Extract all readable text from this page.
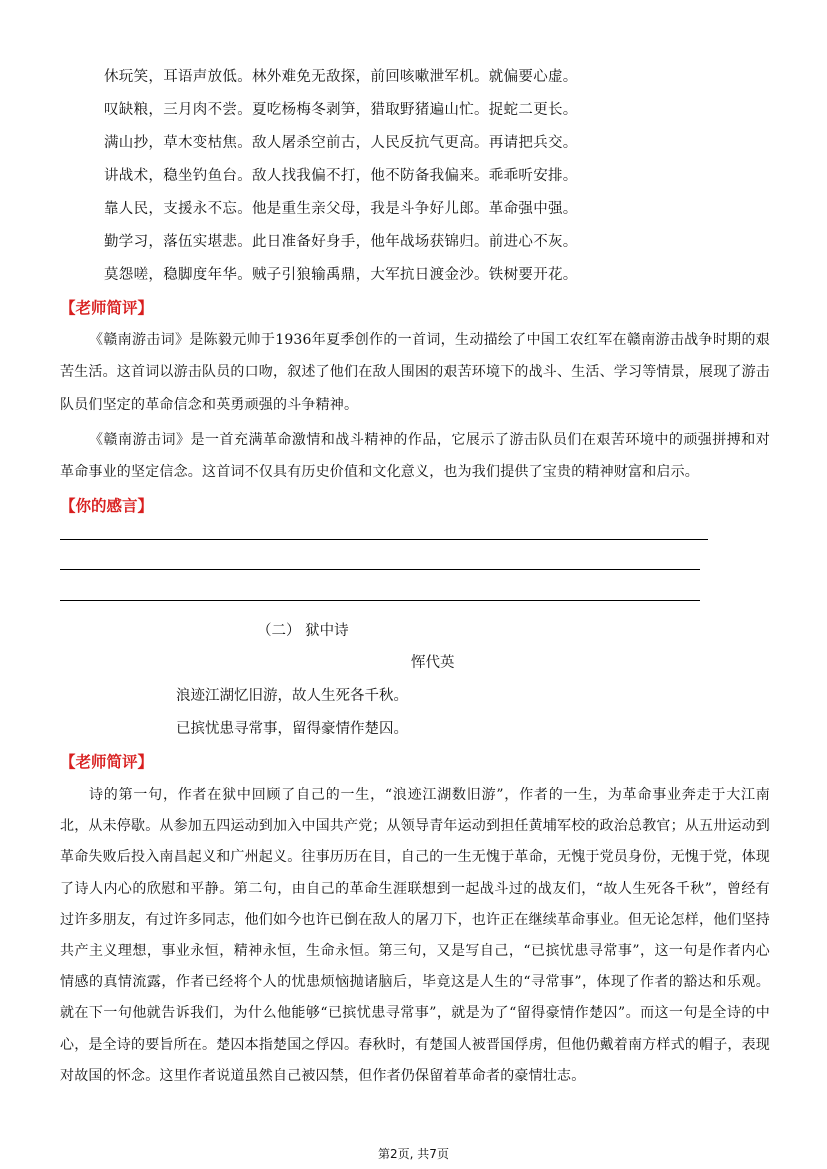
休玩笑，耳语声放低。林外难免无敌探，前回咳嗽泄军机。就偏要心虚。
叹缺粮，三月肉不尝。夏吃杨梅冬剥笋，猎取野猪遍山忙。捉蛇二更长。
满山抄，草木变枯焦。敌人屠杀空前古，人民反抗气更高。再请把兵交。
讲战术，稳坐钓鱼台。敌人找我偏不打，他不防备我偏来。乖乖听安排。
靠人民，支援永不忘。他是重生亲父母，我是斗争好儿郎。革命强中强。
勤学习，落伍实堪悲。此日准备好身手，他年战场获锦归。前进心不灰。
莫怨嗟，稳脚度年华。贼子引狼输禹鼎，大军抗日渡金沙。铁树要开花。
【老师简评】
《赣南游击词》是陈毅元帅于1936年夏季创作的一首词，生动描绘了中国工农红军在赣南游击战争时期的艰苦生活。这首词以游击队员的口吻，叙述了他们在敌人围困的艰苦环境下的战斗、生活、学习等情景，展现了游击队员们坚定的革命信念和英勇顽强的斗争精神。
《赣南游击词》是一首充满革命激情和战斗精神的作品，它展示了游击队员们在艰苦环境中的顽强拼搏和对革命事业的坚定信念。这首词不仅具有历史价值和文化意义，也为我们提供了宝贵的精神财富和启示。
【你的感言】
（二） 狱中诗
恽代英
浪迹江湖忆旧游，故人生死各千秋。
已摈忧患寻常事，留得豪情作楚囚。
【老师简评】
诗的第一句，作者在狱中回顾了自己的一生，“浪迹江湖数旧游”，作者的一生，为革命事业奔走于大江南北，从未停歇。从参加五四运动到加入中国共产党；从领导青年运动到担任黄埔军校的政治总教官；从五卅运动到革命失败后投入南昌起义和广州起义。往事历历在目，自己的一生无愧于革命，无愧于党员身份，无愧于党，体现了诗人内心的欣慰和平静。第二句，由自己的革命生涯联想到一起战斗过的战友们，“故人生死各千秋”，曾经有过许多朋友，有过许多同志，他们如今也许已倒在敌人的屠刀下，也许正在继续革命事业。但无论怎样，他们坚持共产主义理想，事业永恒，精神永恒，生命永恒。第三句，又是写自己，“已摈忧患寻常事”，这一句是作者内心情感的真情流露，作者已经将个人的忧患烦恼抛诸脑后，毕竟这是人生的“寻常事”，体现了作者的豁达和乐观。就在下一句他就告诉我们，为什么他能够“已摈忧患寻常事”，就是为了“留得豪情作楚囚”。而这一句是全诗的中心，是全诗的要旨所在。楚囚本指楚国之俘囚。春秋时，有楚国人被晋国俘虏，但他仍戴着南方样式的帽子，表现对故国的怀念。这里作者说道虽然自己被囚禁，但作者仍保留着革命者的豪情壮志。
第2页, 共7页
